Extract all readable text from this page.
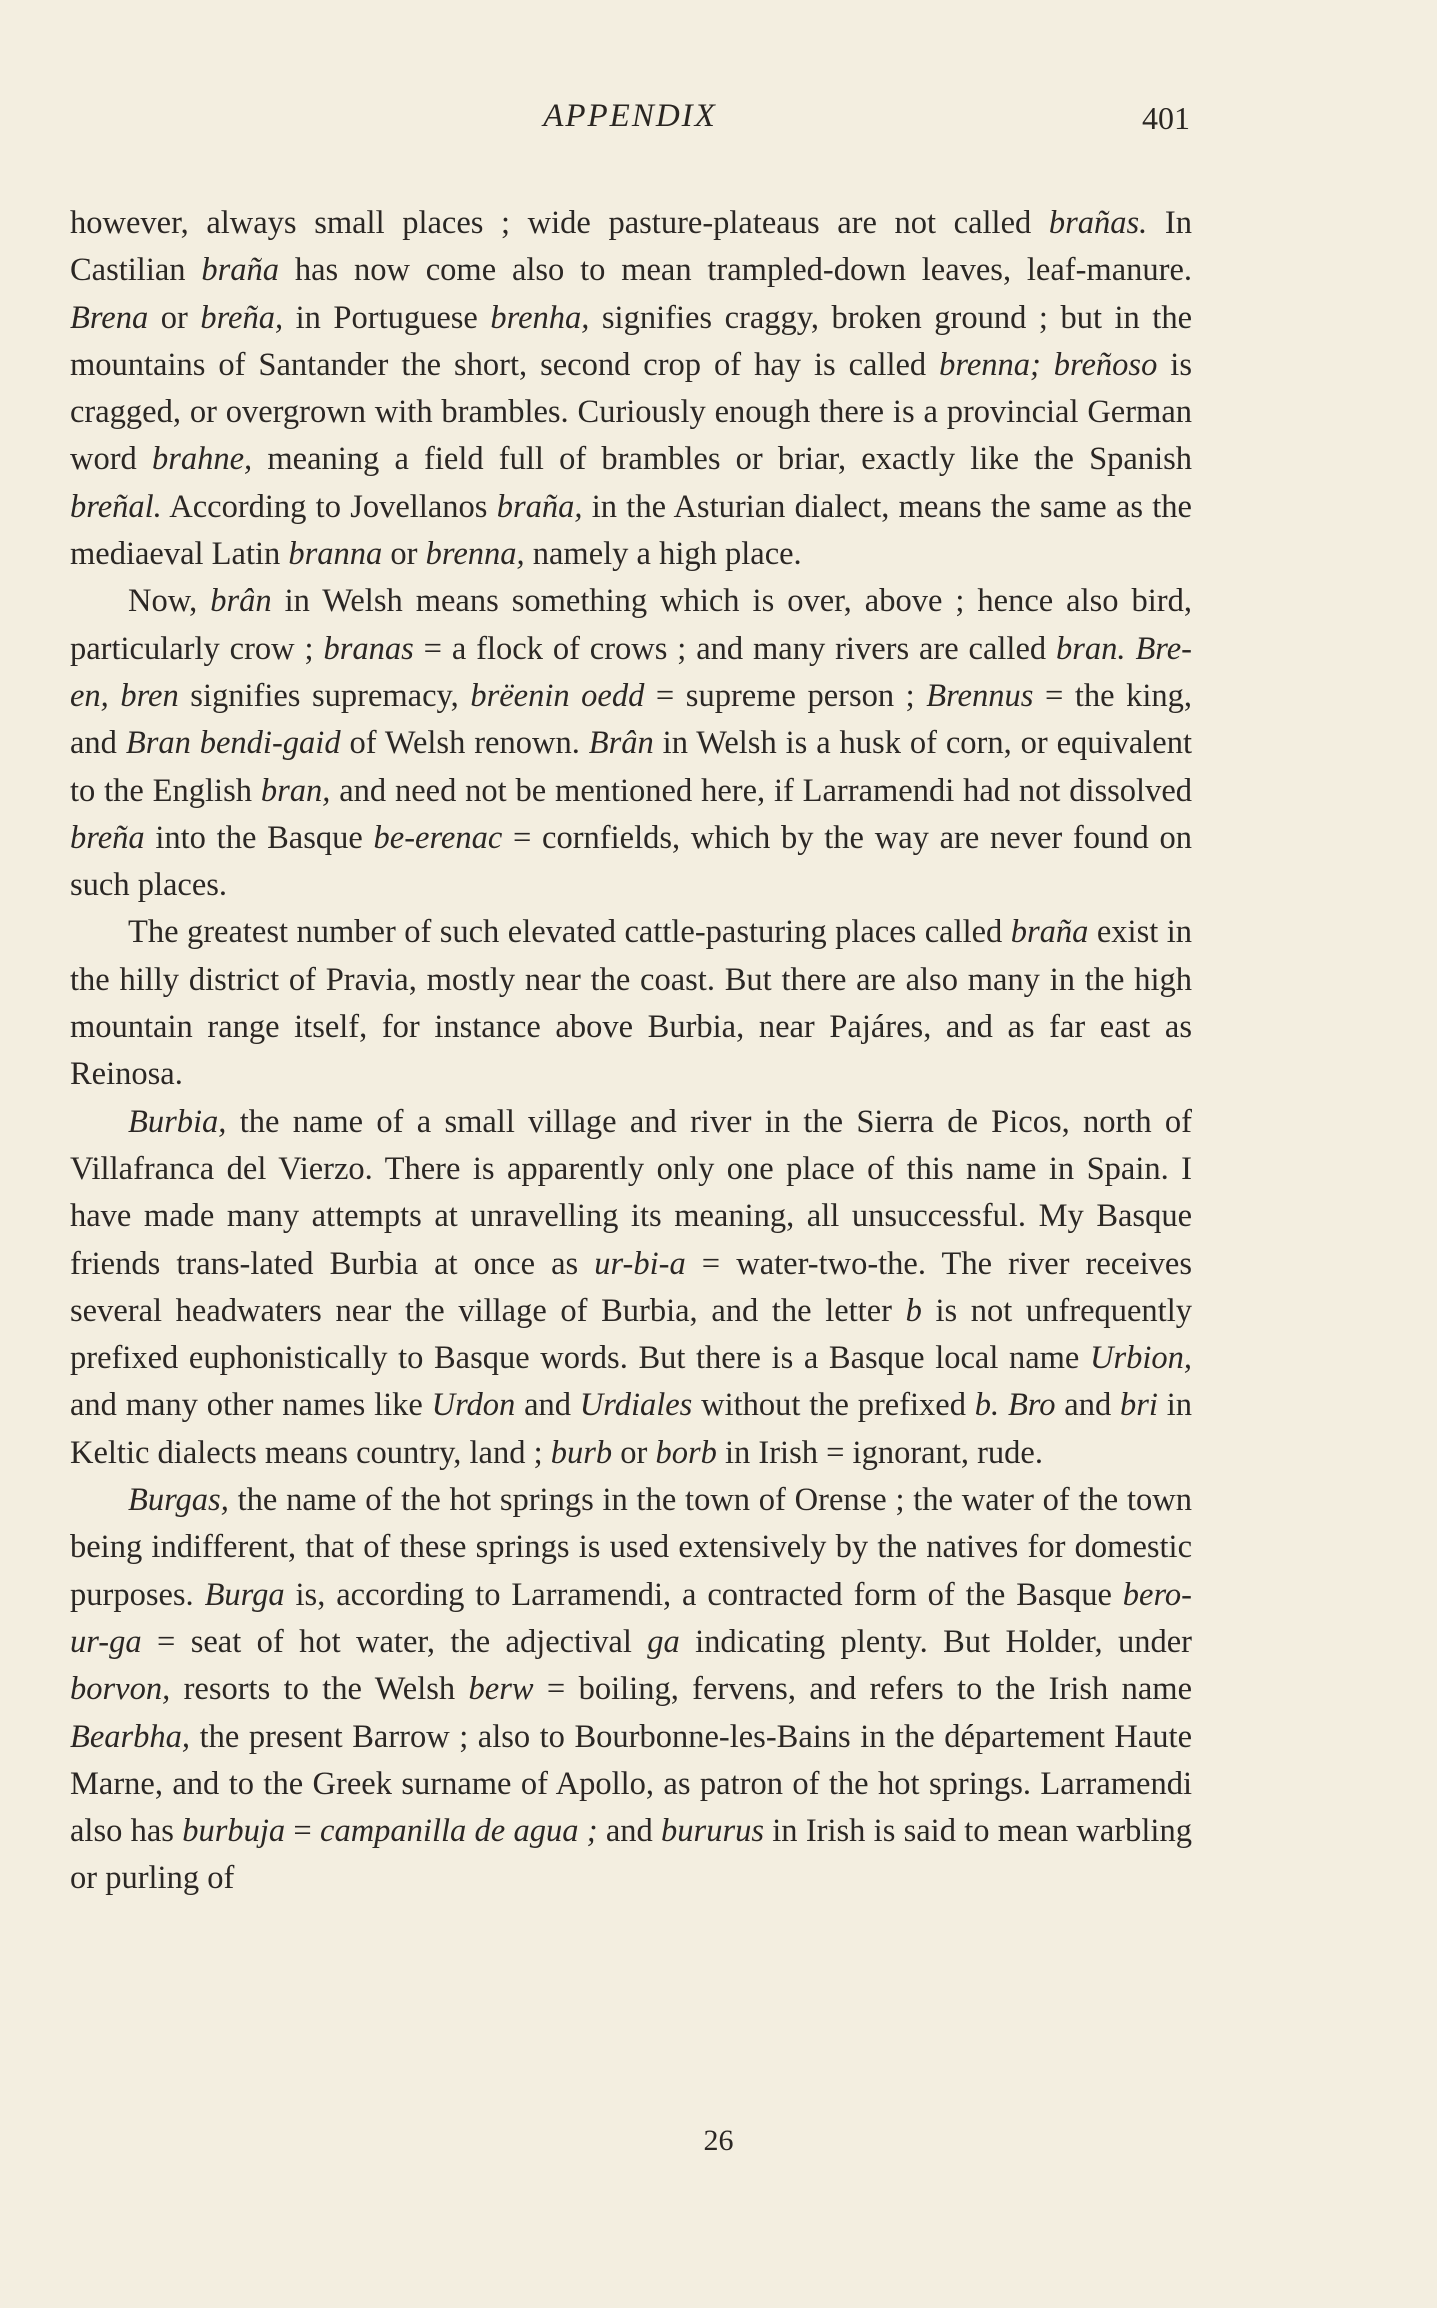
APPENDIX	401

however, always small places ; wide pasture-plateaus are not called brañas. In Castilian braña has now come also to mean trampled-down leaves, leaf-manure. Brena or breña, in Portuguese brenha, signifies craggy, broken ground ; but in the mountains of Santander the short, second crop of hay is called brenna; breñoso is cragged, or overgrown with brambles. Curiously enough there is a provincial German word brahne, meaning a field full of brambles or briar, exactly like the Spanish breñal. According to Jovellanos braña, in the Asturian dialect, means the same as the mediaeval Latin branna or brenna, namely a high place.

Now, brân in Welsh means something which is over, above ; hence also bird, particularly crow ; branas = a flock of crows ; and many rivers are called bran. Bre-en, bren signifies supremacy, brëenin oedd = supreme person ; Brennus = the king, and Bran bendi-gaid of Welsh renown. Brân in Welsh is a husk of corn, or equivalent to the English bran, and need not be mentioned here, if Larramendi had not dissolved breña into the Basque be-erenac = cornfields, which by the way are never found on such places.

The greatest number of such elevated cattle-pasturing places called braña exist in the hilly district of Pravia, mostly near the coast. But there are also many in the high mountain range itself, for instance above Burbia, near Pajáres, and as far east as Reinosa.

Burbia, the name of a small village and river in the Sierra de Picos, north of Villafranca del Vierzo. There is apparently only one place of this name in Spain. I have made many attempts at unravelling its meaning, all unsuccessful. My Basque friends trans-lated Burbia at once as ur-bi-a = water-two-the. The river receives several headwaters near the village of Burbia, and the letter b is not unfrequently prefixed euphonistically to Basque words. But there is a Basque local name Urbion, and many other names like Urdon and Urdiales without the prefixed b. Bro and bri in Keltic dialects means country, land ; burb or borb in Irish = ignorant, rude.

Burgas, the name of the hot springs in the town of Orense ; the water of the town being indifferent, that of these springs is used extensively by the natives for domestic purposes. Burga is, according to Larramendi, a contracted form of the Basque bero-ur-ga = seat of hot water, the adjectival ga indicating plenty. But Holder, under borvon, resorts to the Welsh berw = boiling, fervens, and refers to the Irish name Bearbha, the present Barrow ; also to Bourbonne-les-Bains in the département Haute Marne, and to the Greek surname of Apollo, as patron of the hot springs. Larramendi also has burbuja = campanilla de agua ; and bururus in Irish is said to mean warbling or purling of

26
